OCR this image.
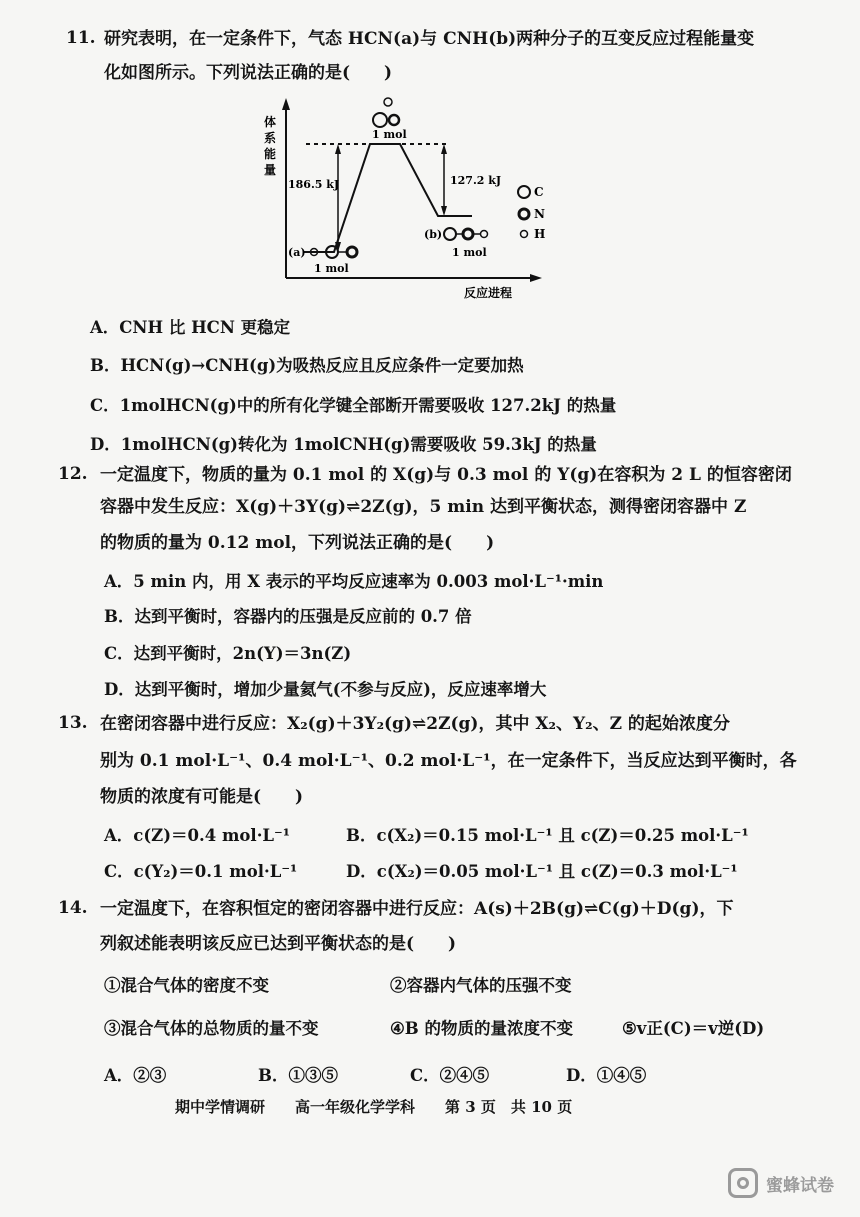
11. 研究表明，在一定条件下，气态 HCN(a)与 CNH(b)两种分子的互变反应过程能量变
化如图所示。下列说法正确的是(　　)
体
系
能
量
反应进程
186.5 kJ	127.2 kJ
1 mol
(a)
1 mol
(b)
1 mol
C
N
H
A．CNH 比 HCN 更稳定
B．HCN(g)→CNH(g)为吸热反应且反应条件一定要加热
C．1molHCN(g)中的所有化学键全部断开需要吸收 127.2kJ 的热量
D．1molHCN(g)转化为 1molCNH(g)需要吸收 59.3kJ 的热量
12. 一定温度下，物质的量为 0.1 mol 的 X(g)与 0.3 mol 的 Y(g)在容积为 2 L 的恒容密闭
容器中发生反应：X(g)＋3Y(g)⇌2Z(g)，5 min 达到平衡状态，测得密闭容器中 Z
的物质的量为 0.12 mol，下列说法正确的是(　　)
A．5 min 内，用 X 表示的平均反应速率为 0.003 mol·L⁻¹·min
B．达到平衡时，容器内的压强是反应前的 0.7 倍
C．达到平衡时，2n(Y)＝3n(Z)
D．达到平衡时，增加少量氦气(不参与反应)，反应速率增大
13. 在密闭容器中进行反应：X₂(g)＋3Y₂(g)⇌2Z(g)，其中 X₂、Y₂、Z 的起始浓度分
别为 0.1 mol·L⁻¹、0.4 mol·L⁻¹、0.2 mol·L⁻¹，在一定条件下，当反应达到平衡时，各
物质的浓度有可能是(　　)
A．c(Z)＝0.4 mol·L⁻¹	B．c(X₂)＝0.15 mol·L⁻¹ 且 c(Z)＝0.25 mol·L⁻¹
C．c(Y₂)＝0.1 mol·L⁻¹	D．c(X₂)＝0.05 mol·L⁻¹ 且 c(Z)＝0.3 mol·L⁻¹
14. 一定温度下，在容积恒定的密闭容器中进行反应：A(s)＋2B(g)⇌C(g)＋D(g)，下
列叙述能表明该反应已达到平衡状态的是(　　)
①混合气体的密度不变	②容器内气体的压强不变
③混合气体的总物质的量不变	④B 的物质的量浓度不变	⑤v正(C)＝v逆(D)
A．②③	B．①③⑤	C．②④⑤	D．①④⑤
期中学情调研　　高一年级化学学科　　第 3 页　共 10 页
蜜蜂试卷
